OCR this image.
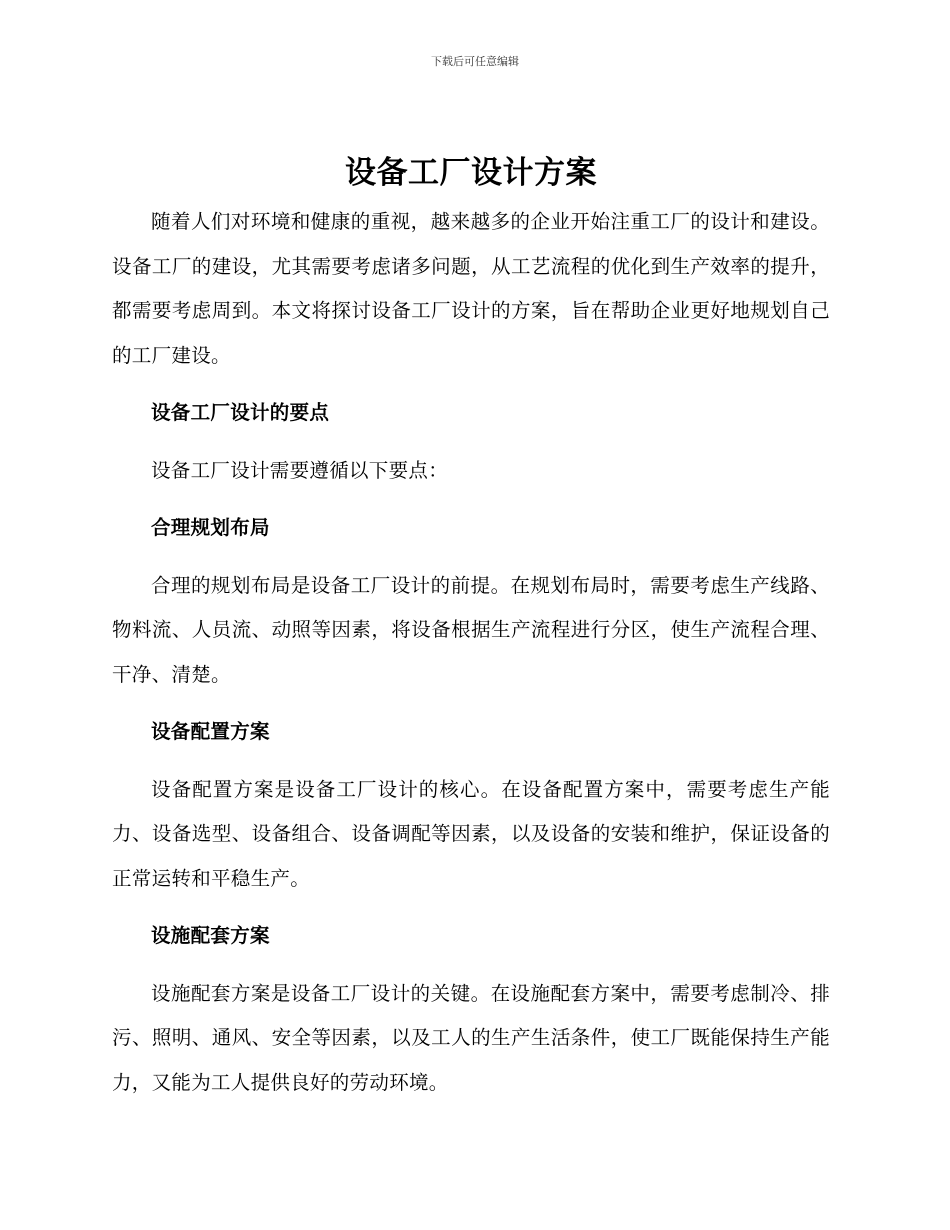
下载后可任意编辑
设备工厂设计方案

随着人们对环境和健康的重视，越来越多的企业开始注重工厂的设计和建设。设备工厂的建设，尤其需要考虑诸多问题，从工艺流程的优化到生产效率的提升，都需要考虑周到。本文将探讨设备工厂设计的方案，旨在帮助企业更好地规划自己的工厂建设。

设备工厂设计的要点

设备工厂设计需要遵循以下要点：

合理规划布局

合理的规划布局是设备工厂设计的前提。在规划布局时，需要考虑生产线路、物料流、人员流、动照等因素，将设备根据生产流程进行分区，使生产流程合理、干净、清楚。

设备配置方案

设备配置方案是设备工厂设计的核心。在设备配置方案中，需要考虑生产能力、设备选型、设备组合、设备调配等因素，以及设备的安装和维护，保证设备的正常运转和平稳生产。

设施配套方案

设施配套方案是设备工厂设计的关键。在设施配套方案中，需要考虑制冷、排污、照明、通风、安全等因素，以及工人的生产生活条件，使工厂既能保持生产能力，又能为工人提供良好的劳动环境。
